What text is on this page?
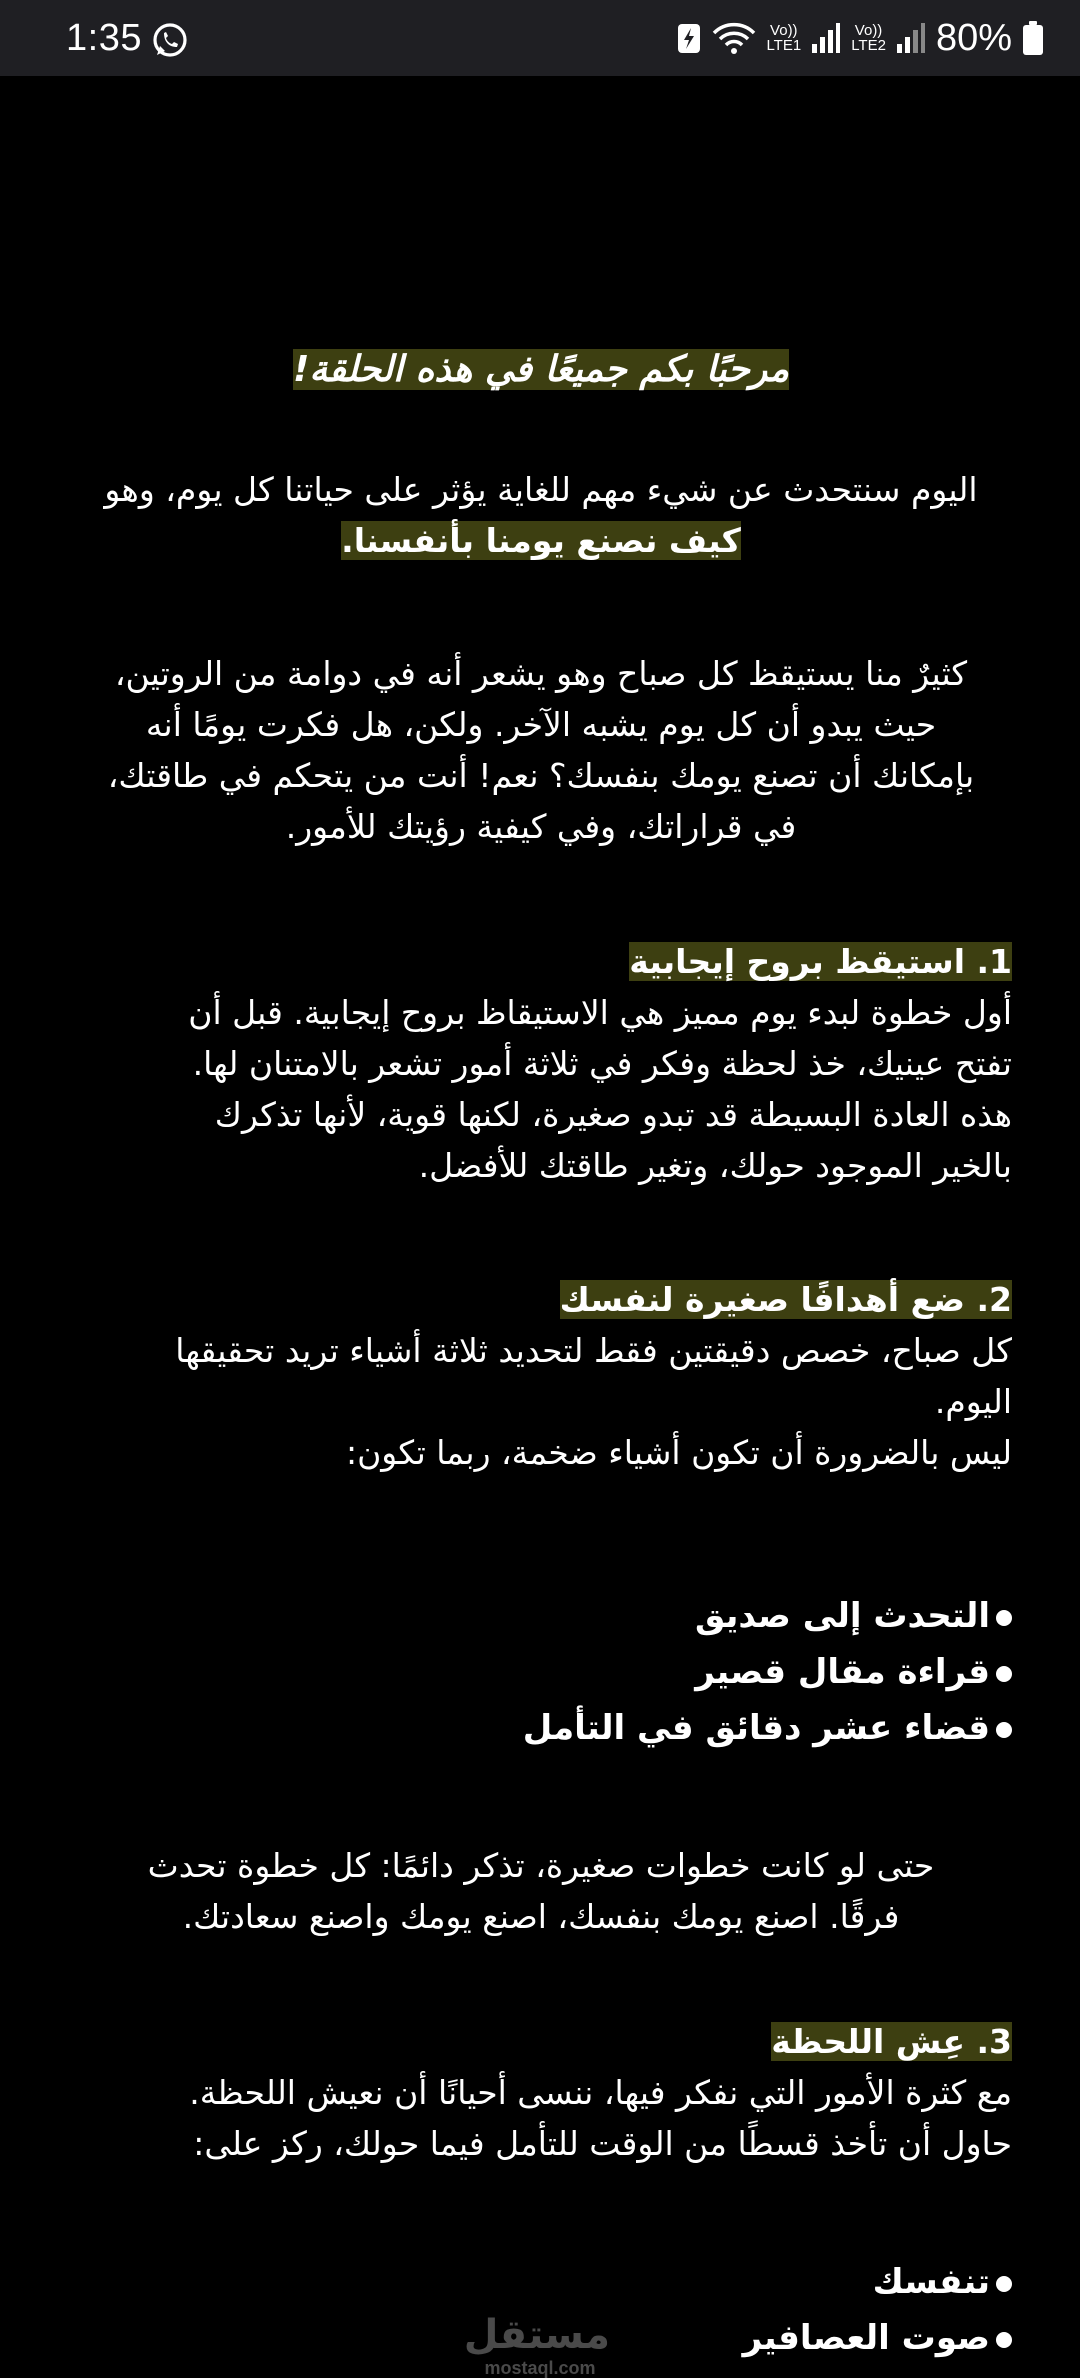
1:35	Vo))
LTE1
Vo))
LTE2 80%
مرحبًا بكم جميعًا في هذه الحلقة!
اليوم سنتحدث عن شيء مهم للغاية يؤثر على حياتنا كل يوم، وهو
كيف نصنع يومنا بأنفسنا.
كثيرٌ منا يستيقظ كل صباح وهو يشعر أنه في دوامة من الروتين،
حيث يبدو أن كل يوم يشبه الآخر. ولكن، هل فكرت يومًا أنه
بإمكانك أن تصنع يومك بنفسك؟ نعم! أنت من يتحكم في طاقتك،
في قراراتك، وفي كيفية رؤيتك للأمور.
1. استيقظ بروح إيجابية
أول خطوة لبدء يوم مميز هي الاستيقاظ بروح إيجابية. قبل أن
تفتح عينيك، خذ لحظة وفكر في ثلاثة أمور تشعر بالامتنان لها.
هذه العادة البسيطة قد تبدو صغيرة، لكنها قوية، لأنها تذكرك
بالخير الموجود حولك، وتغير طاقتك للأفضل.
2. ضع أهدافًا صغيرة لنفسك
كل صباح، خصص دقيقتين فقط لتحديد ثلاثة أشياء تريد تحقيقها
اليوم.
ليس بالضرورة أن تكون أشياء ضخمة، ربما تكون:
التحدث إلى صديق
قراءة مقال قصير
قضاء عشر دقائق في التأمل
حتى لو كانت خطوات صغيرة، تذكر دائمًا: كل خطوة تحدث
فرقًا. اصنع يومك بنفسك، اصنع يومك واصنع سعادتك.
3. عِش اللحظة
مع كثرة الأمور التي نفكر فيها، ننسى أحيانًا أن نعيش اللحظة.
حاول أن تأخذ قسطًا من الوقت للتأمل فيما حولك، ركز على:
تنفسك
صوت العصافير
مستقل
mostaql.com
